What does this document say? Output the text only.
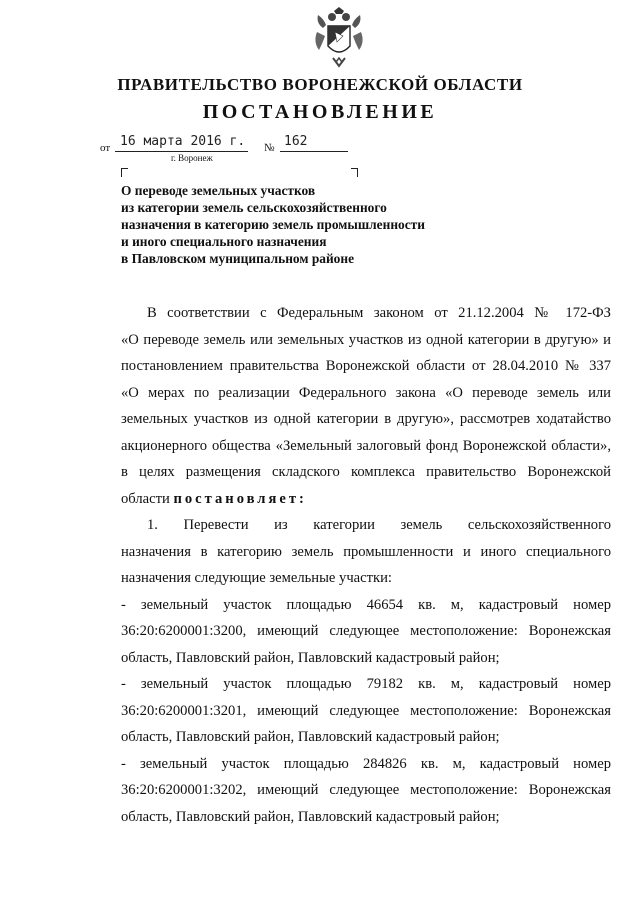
ПРАВИТЕЛЬСТВО ВОРОНЕЖСКОЙ ОБЛАСТИ
ПОСТАНОВЛЕНИЕ
от 16 марта 2016 г. № 162
г. Воронеж
О переводе земельных участков
из категории земель сельскохозяйственного
назначения в категорию земель промышленности
и иного специального назначения
в Павловском муниципальном районе
В соответствии с Федеральным законом от 21.12.2004 № 172-ФЗ
«О переводе земель или земельных участков из одной категории в другую» и
постановлением правительства Воронежской области от 28.04.2010 № 337
«О мерах по реализации Федерального закона «О переводе земель или
земельных участков из одной категории в другую», рассмотрев ходатайство
акционерного общества «Земельный залоговый фонд Воронежской области»,
в целях размещения складского комплекса правительство Воронежской
области постановляет:
1. Перевести из категории земель сельскохозяйственного
назначения в категорию земель промышленности и иного специального
назначения следующие земельные участки:
- земельный участок площадью 46654 кв. м, кадастровый номер
36:20:6200001:3200, имеющий следующее местоположение: Воронежская
область, Павловский район, Павловский кадастровый район;
- земельный участок площадью 79182 кв. м, кадастровый номер
36:20:6200001:3201, имеющий следующее местоположение: Воронежская
область, Павловский район, Павловский кадастровый район;
- земельный участок площадью 284826 кв. м, кадастровый номер
36:20:6200001:3202, имеющий следующее местоположение: Воронежская
область, Павловский район, Павловский кадастровый район;
